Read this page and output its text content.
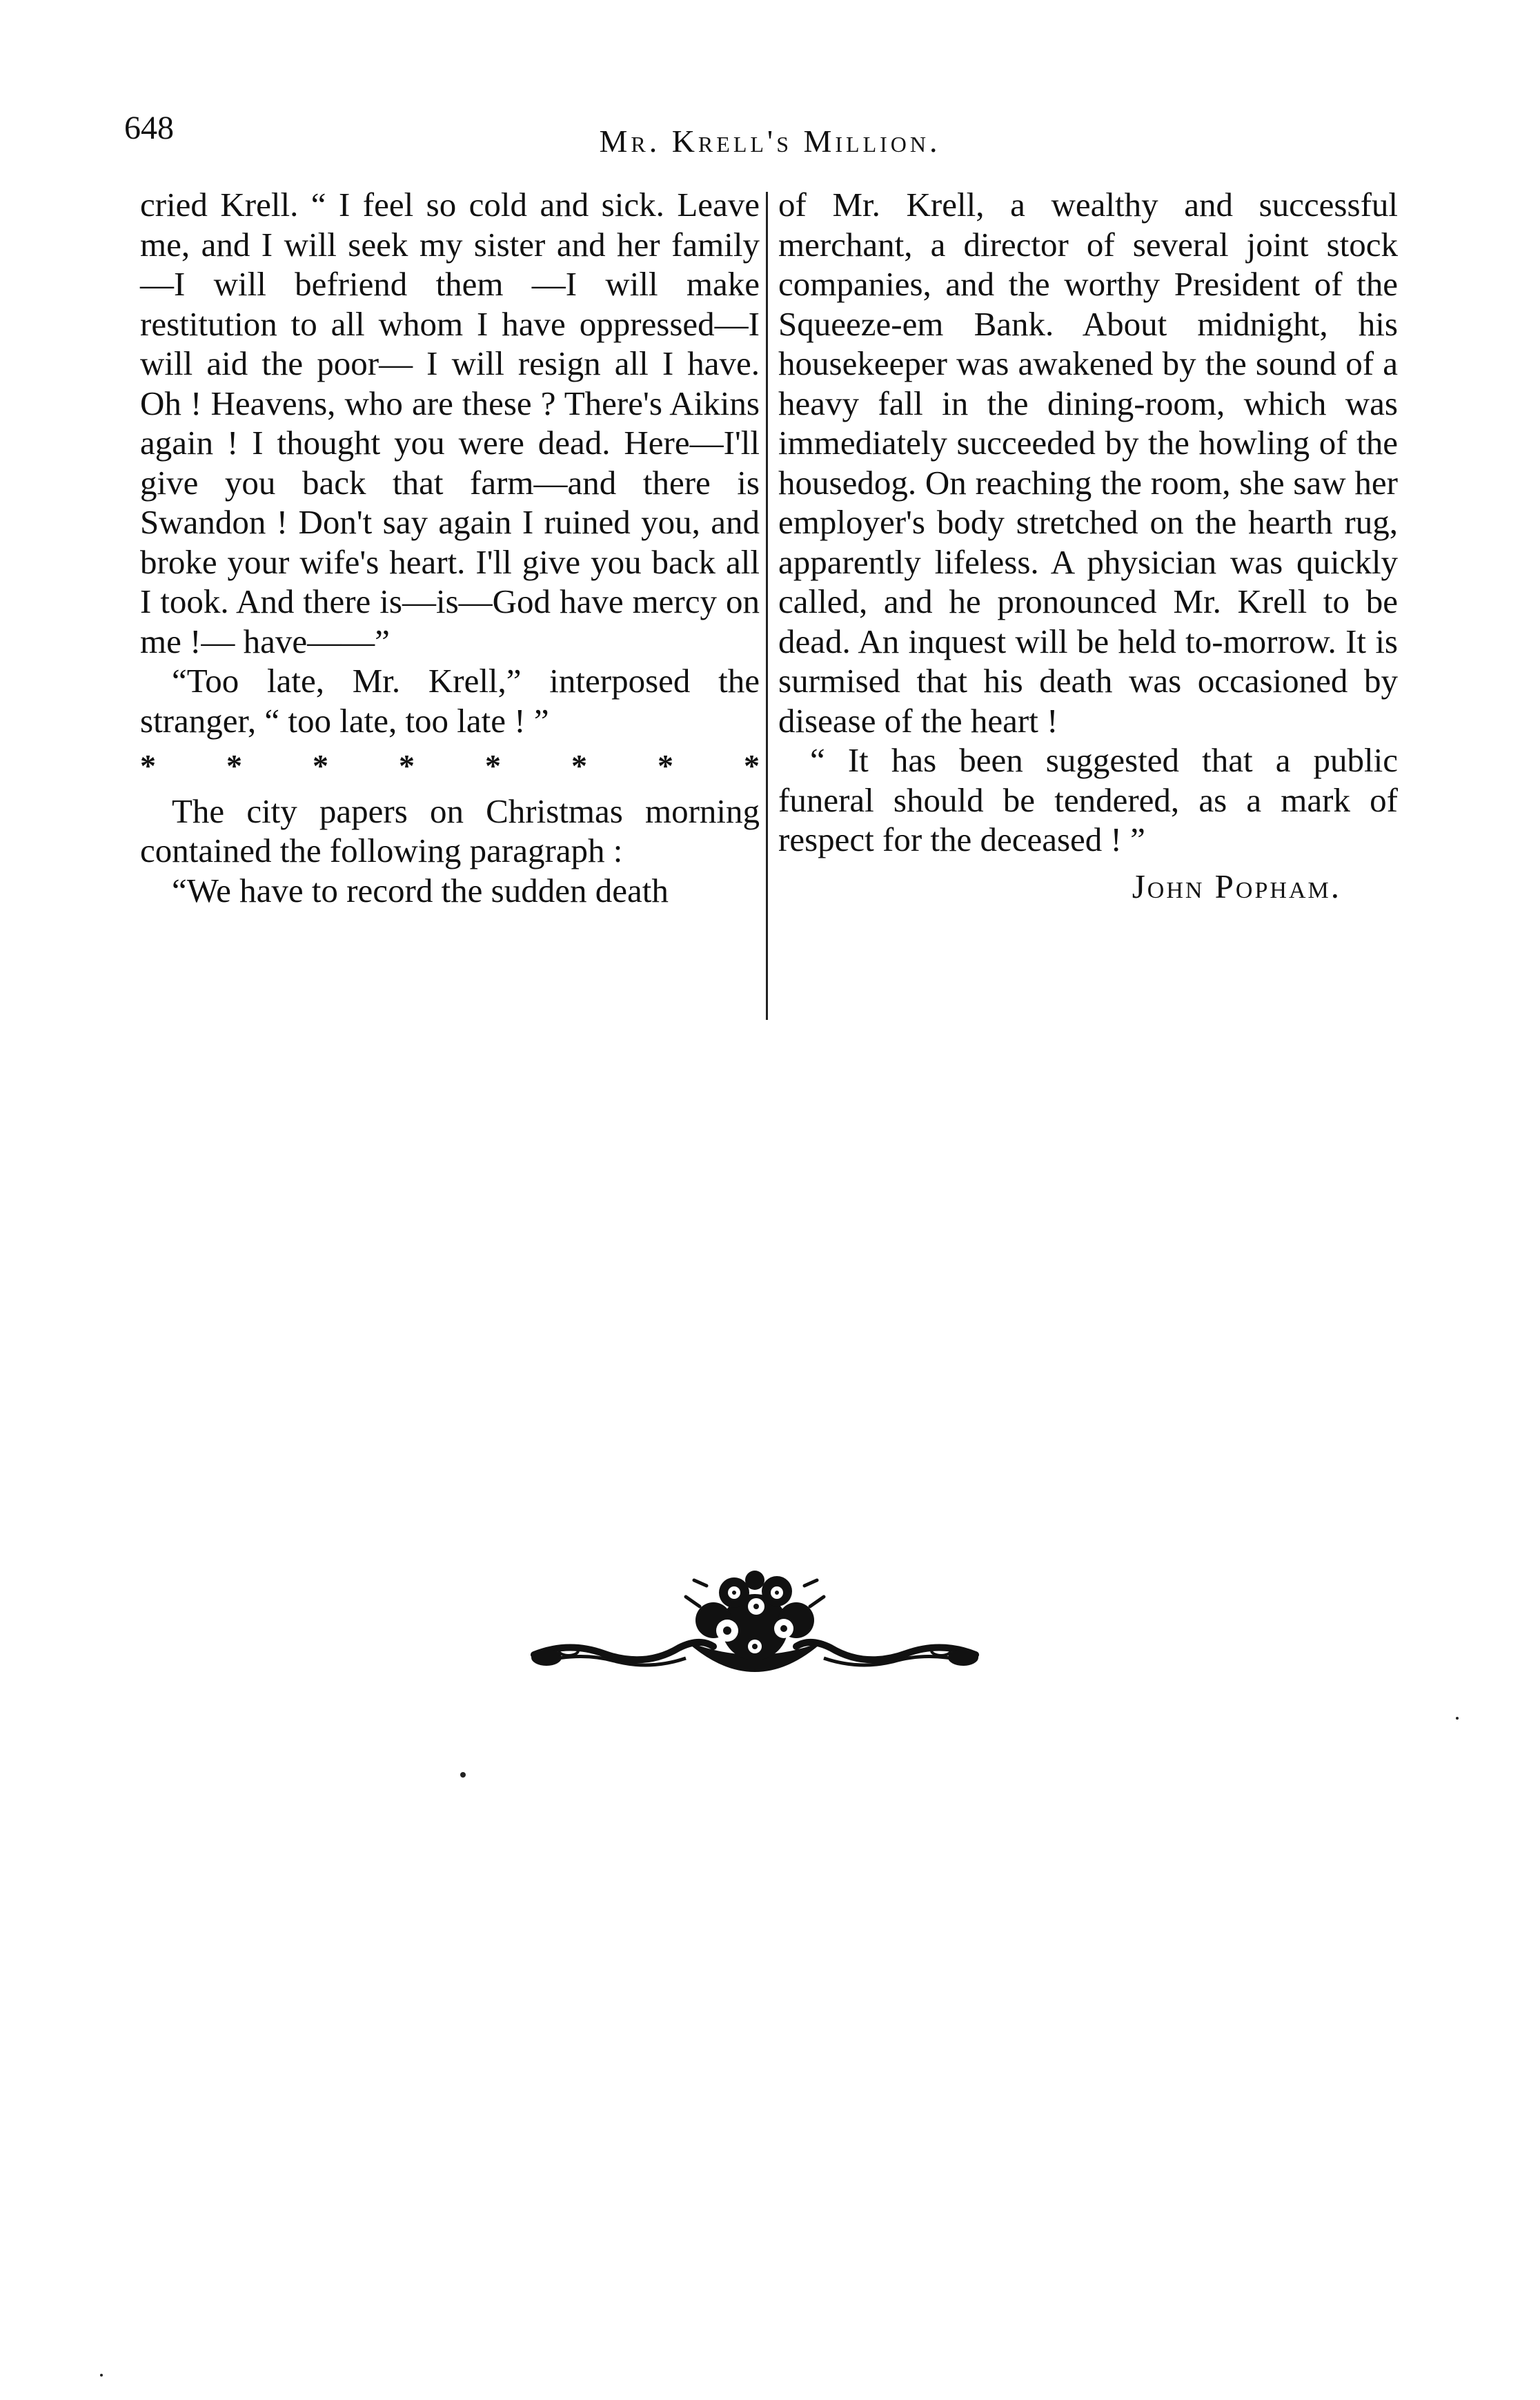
648	Mr. Krell's Million.

cried Krell. “ I feel so cold and sick. Leave me, and I will seek my sister and her family—I will befriend them —I will make restitution to all whom I have oppressed—I will aid the poor— I will resign all I have. Oh ! Heavens, who are these ? There's Aikins again ! I thought you were dead. Here—I'll give you back that farm—and there is Swandon ! Don't say again I ruined you, and broke your wife's heart. I'll give you back all I took. And there is—is—God have mercy on me !— have——”

“Too late, Mr. Krell,” interposed the stranger, “ too late, too late ! ”

* * * * * * * *

The city papers on Christmas morning contained the following paragraph :

“We have to record the sudden death

of Mr. Krell, a wealthy and successful merchant, a director of several joint stock companies, and the worthy President of the Squeeze-em Bank. About midnight, his housekeeper was awakened by the sound of a heavy fall in the dining-room, which was immediately succeeded by the howling of the housedog. On reaching the room, she saw her employer's body stretched on the hearth rug, apparently lifeless. A physician was quickly called, and he pronounced Mr. Krell to be dead. An inquest will be held to-morrow. It is surmised that his death was occasioned by disease of the heart !

“ It has been suggested that a public funeral should be tendered, as a mark of respect for the deceased ! ”

John Popham.
